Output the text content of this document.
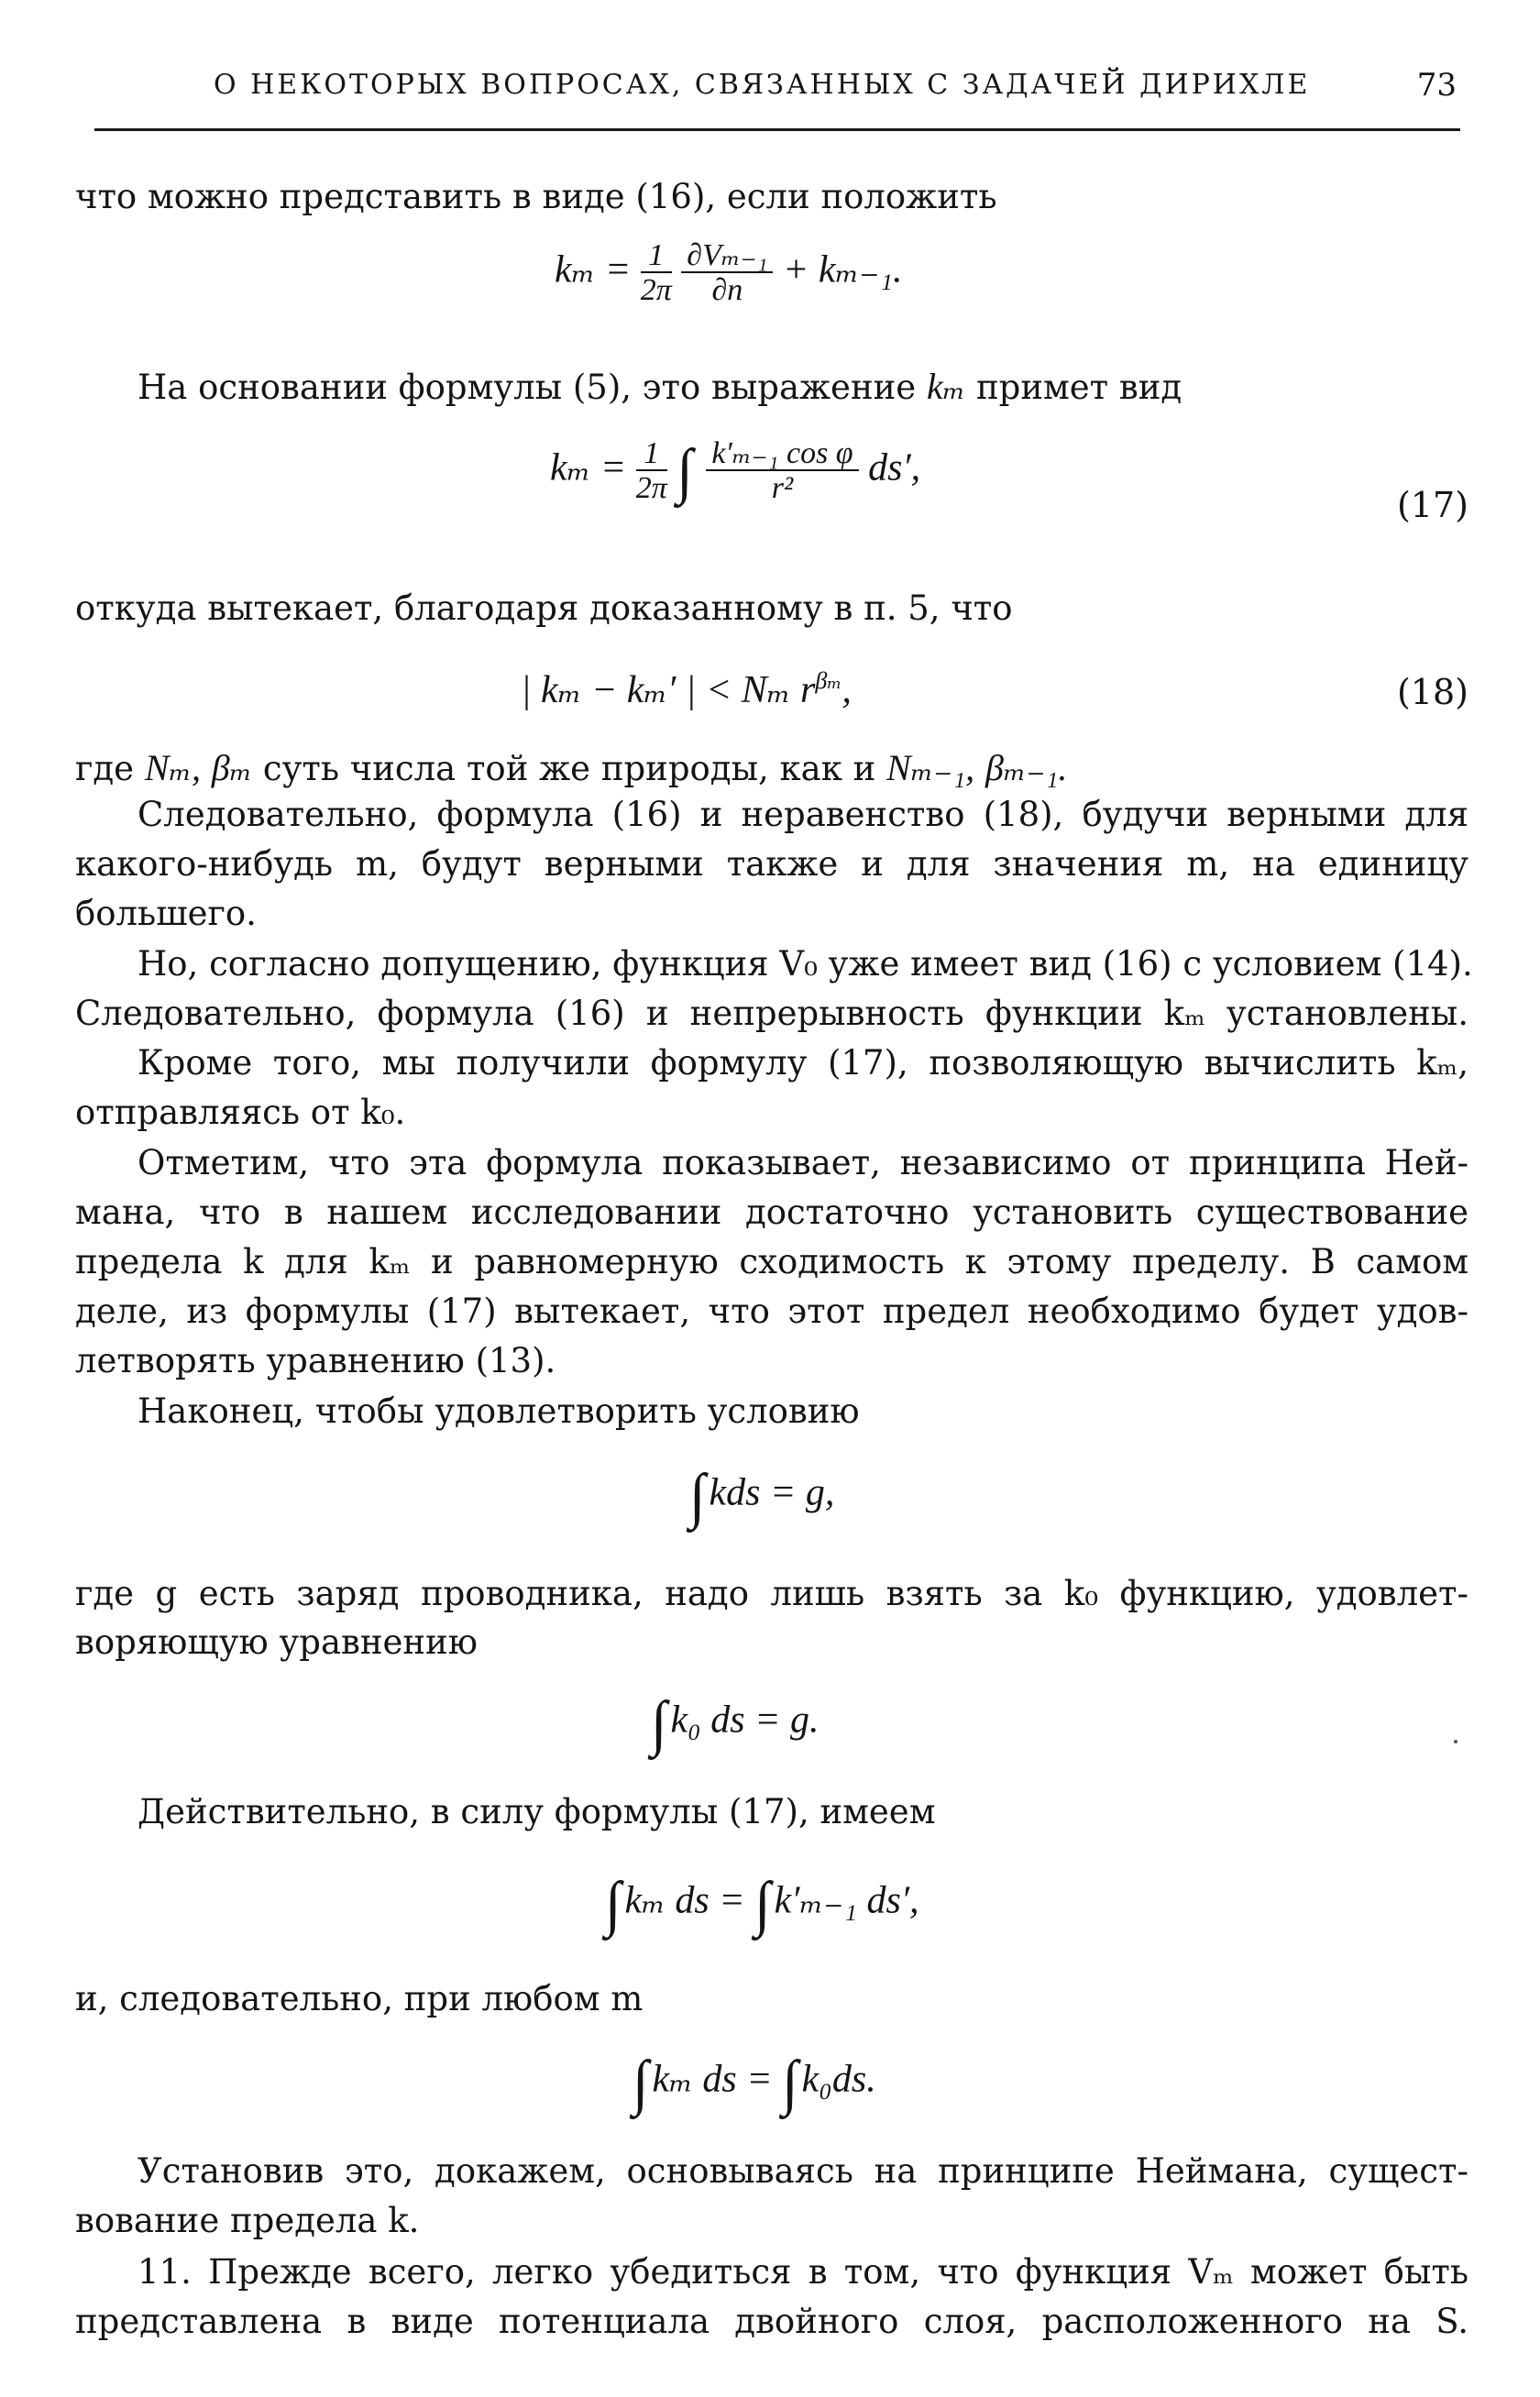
О НЕКОТОРЫХ ВОПРОСАХ, СВЯЗАННЫХ С ЗАДАЧЕЙ ДИРИХЛЕ	73
что можно представить в виде (16), если положить
$k_m = \frac{1}{2\pi}$
$\frac{\text{∂Vₘ₋₁}}{\partial n} + k_{m-1}$.
На основании формулы (5), это выражение kₘ примет вид
$k_m = \frac{1}{2\pi}$ ∫ $\frac{\text{k′ₘ₋₁ cos φ}}{\text{r²}} ds'$,
(17)
откуда вытекает, благодаря доказанному в п. 5, что
| kₘ − kₘ′ | < Nₘ $r^{\beta_m}$,	(18)
где Nₘ, βₘ суть числа той же природы, как и Nₘ₋₁, βₘ₋₁.
Следовательно, формула (16) и неравенство (18), будучи верными для
какого-нибудь m, будут верными также и для значения m, на единицу
большего.
Но, согласно допущению, функция V₀ уже имеет вид (16) с условием (14).
Следовательно, формула (16) и непрерывность функции kₘ установлены.
Кроме того, мы получили формулу (17), позволяющую вычислить kₘ,
отправляясь от k₀.
Отметим, что эта формула показывает, независимо от принципа Ней-
мана, что в нашем исследовании достаточно установить существование
предела k для kₘ и равномерную сходимость к этому пределу. В самом
деле, из формулы (17) вытекает, что этот предел необходимо будет удов-
летворять уравнению (13).
Наконец, чтобы удовлетворить условию
∫kds = g,
где g есть заряд проводника, надо лишь взять за k₀ функцию, удовлет-
воряющую уравнению
∫k₀ ds = g.
Действительно, в силу формулы (17), имеем
∫kₘ ds = ∫k′ₘ₋₁ ds′,
и, следовательно, при любом m
∫kₘ ds = ∫k₀ds.
Установив это, докажем, основываясь на принципе Неймана, сущест-
вование предела k.
11. Прежде всего, легко убедиться в том, что функция Vₘ может быть
представлена в виде потенциала двойного слоя, расположенного на S.
